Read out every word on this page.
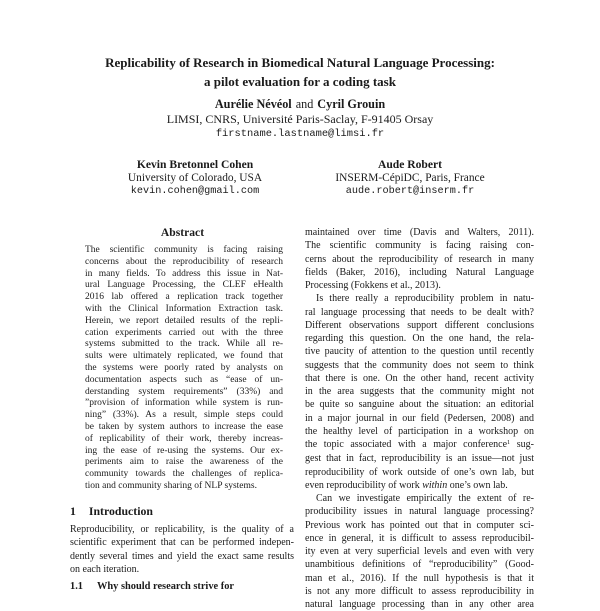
Replicability of Research in Biomedical Natural Language Processing:
a pilot evaluation for a coding task
Aurélie Névéol and Cyril Grouin
LIMSI, CNRS, Université Paris-Saclay, F-91405 Orsay
firstname.lastname@limsi.fr
Kevin Bretonnel Cohen
University of Colorado, USA
kevin.cohen@gmail.com
Aude Robert
INSERM-CépiDC, Paris, France
aude.robert@inserm.fr
Abstract
The scientific community is facing raising
concerns about the reproducibility of research
in many fields. To address this issue in Nat-
ural Language Processing, the CLEF eHealth
2016 lab offered a replication track together
with the Clinical Information Extraction task.
Herein, we report detailed results of the repli-
cation experiments carried out with the three
systems submitted to the track. While all re-
sults were ultimately replicated, we found that
the systems were poorly rated by analysts on
documentation aspects such as “ease of un-
derstanding system requirements” (33%) and
”provision of information while system is run-
ning” (33%). As a result, simple steps could
be taken by system authors to increase the ease
of replicability of their work, thereby increas-
ing the ease of re-using the systems. Our ex-
periments aim to raise the awareness of the
community towards the challenges of replica-
tion and community sharing of NLP systems.
1 Introduction
Reproducibility, or replicability, is the quality of a
scientific experiment that can be performed indepen-
dently several times and yield the exact same results
on each iteration.
1.1 Why should research strive for
maintained over time (Davis and Walters, 2011).
The scientific community is facing raising con-
cerns about the reproducibility of research in many
fields (Baker, 2016), including Natural Language
Processing (Fokkens et al., 2013).
Is there really a reproducibility problem in natu-
ral language processing that needs to be dealt with?
Different observations support different conclusions
regarding this question. On the one hand, the rela-
tive paucity of attention to the question until recently
suggests that the community does not seem to think
that there is one. On the other hand, recent activity
in the area suggests that the community might not
be quite so sanguine about the situation: an editorial
in a major journal in our field (Pedersen, 2008) and
the healthy level of participation in a workshop on
the topic associated with a major conference$^1$ sug-
gest that in fact, reproducibility is an issue—not just
reproducibility of work outside of one’s own lab, but
even reproducibility of work within one’s own lab.
Can we investigate empirically the extent of re-
producibility issues in natural language processing?
Previous work has pointed out that in computer sci-
ence in general, it is difficult to assess reproducibil-
ity even at very superficial levels and even with very
unambitious definitions of “reproducibility” (Good-
man et al., 2016). If the null hypothesis is that it
is not any more difficult to assess reproducibility in
natural language processing than in any other area
